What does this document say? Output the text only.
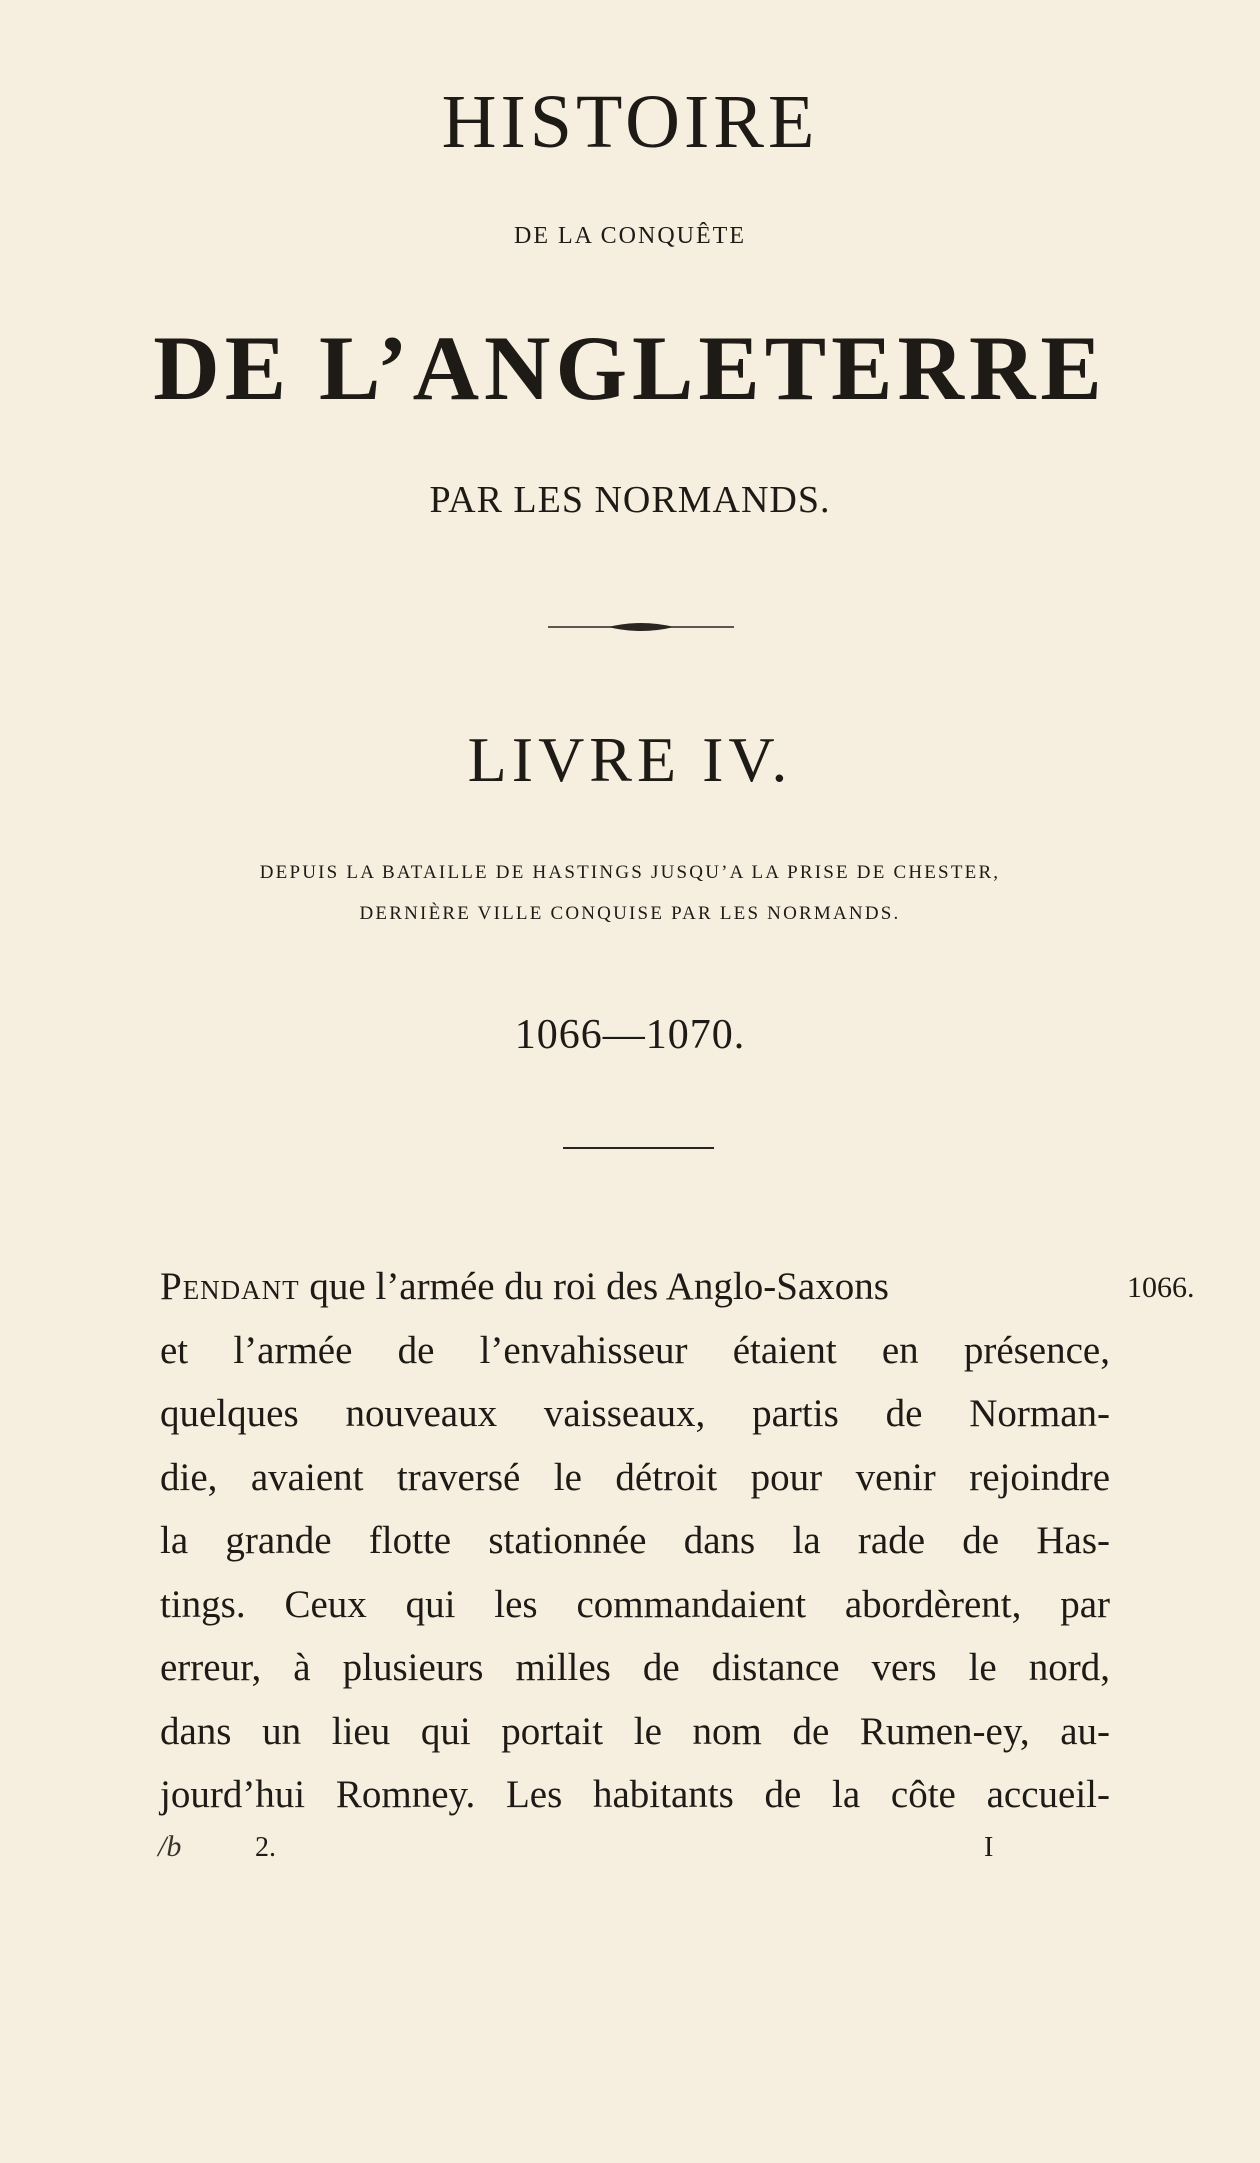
HISTOIRE
DE LA CONQUÊTE
DE L’ANGLETERRE
PAR LES NORMANDS.
LIVRE IV.
DEPUIS LA BATAILLE DE HASTINGS JUSQU’A LA PRISE DE CHESTER,
DERNIÈRE VILLE CONQUISE PAR LES NORMANDS.
1066—1070.
1066.
Pendant que l’armée du roi des Anglo-Saxons
et l’armée de l’envahisseur étaient en présence,
quelques nouveaux vaisseaux, partis de Norman-
die, avaient traversé le détroit pour venir rejoindre
la grande flotte stationnée dans la rade de Has-
tings. Ceux qui les commandaient abordèrent, par
erreur, à plusieurs milles de distance vers le nord,
dans un lieu qui portait le nom de Rumen-ey, au-
jourd’hui Romney. Les habitants de la côte accueil-
/b	2.	I
